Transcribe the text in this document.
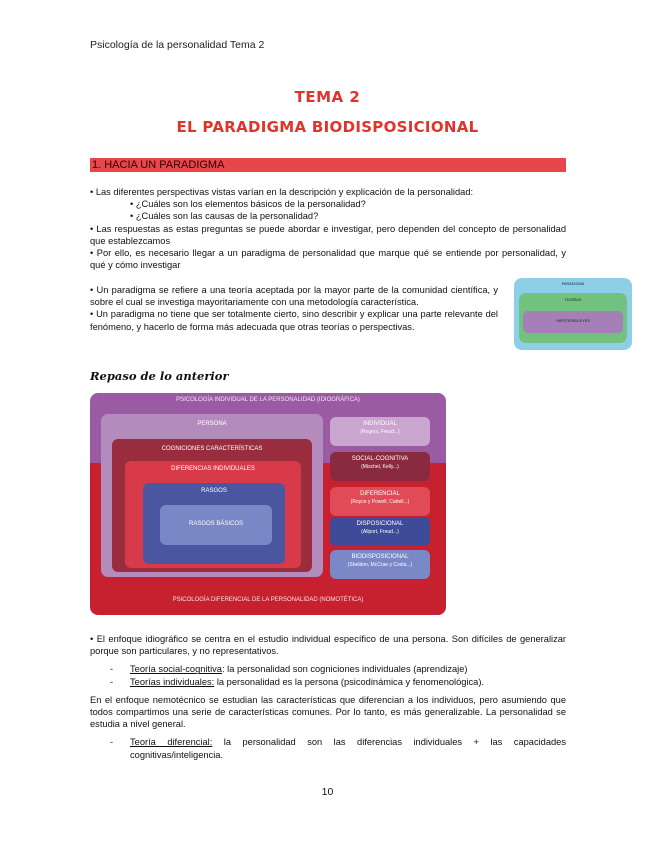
Psicología de la personalidad Tema 2
TEMA 2
EL PARADIGMA BIODISPOSICIONAL
1. HACIA UN PARADIGMA
• Las diferentes perspectivas vistas varían en la descripción y explicación de la personalidad:
• ¿Cuáles son los elementos básicos de la personalidad?
• ¿Cuáles son las causas de la personalidad?
• Las respuestas as estas preguntas se puede abordar e investigar, pero dependen del concepto de personalidad que establezcamos
• Por ello, es necesario llegar a un paradigma de personalidad que marque qué se entiende por personalidad, y qué y cómo investigar
• Un paradigma se refiere a una teoría aceptada por la mayor parte de la comunidad científica, y sobre el cual se investiga mayoritariamente con una metodología característica.
• Un paradigma no tiene que ser totalmente cierto, sino describir y explicar una parte relevante del fenómeno, y hacerlo de forma más adecuada que otras teorías o perspectivas.
PARADIGMA
TEORÍAS
HIPÓTESIS/LEYES
Repaso de lo anterior
PSICOLOGÍA INDIVIDUAL DE LA PERSONALIDAD (IDIOGRÁFICA)
PSICOLOGÍA DIFERENCIAL DE LA PERSONALIDAD (NOMOTÉTICA)
PERSONA
COGNICIONES CARACTERÍSTICAS
DIFERENCIAS INDIVIDUALES
RASGOS
RASGOS BÁSICOS
INDIVIDUAL
(Rogers, Freud...)
SOCIAL-COGNITIVA
(Mischel, Kelly...)
DIFERENCIAL
(Royce y Powell, Cattell...)
DISPOSICIONAL
(Allport, Freud...)
BIODISPOSICIONAL
(Sheldon, McCrae y Costa...)
• El enfoque idiográfico se centra en el estudio individual específico de una persona. Son difíciles de generalizar porque son particulares, y no representativos.
- Teoría social-cognitiva: la personalidad son cogniciones individuales (aprendizaje)
- Teorías individuales: la personalidad es la persona (psicodinámica y fenomenológica).
En el enfoque nemotécnico se estudian las características que diferencian a los individuos, pero asumiendo que todos compartimos una serie de características comunes. Por lo tanto, es más generalizable. La personalidad se estudia a nivel general.
- Teoría diferencial: la personalidad son las diferencias individuales + las capacidades cognitivas/inteligencia.
10
